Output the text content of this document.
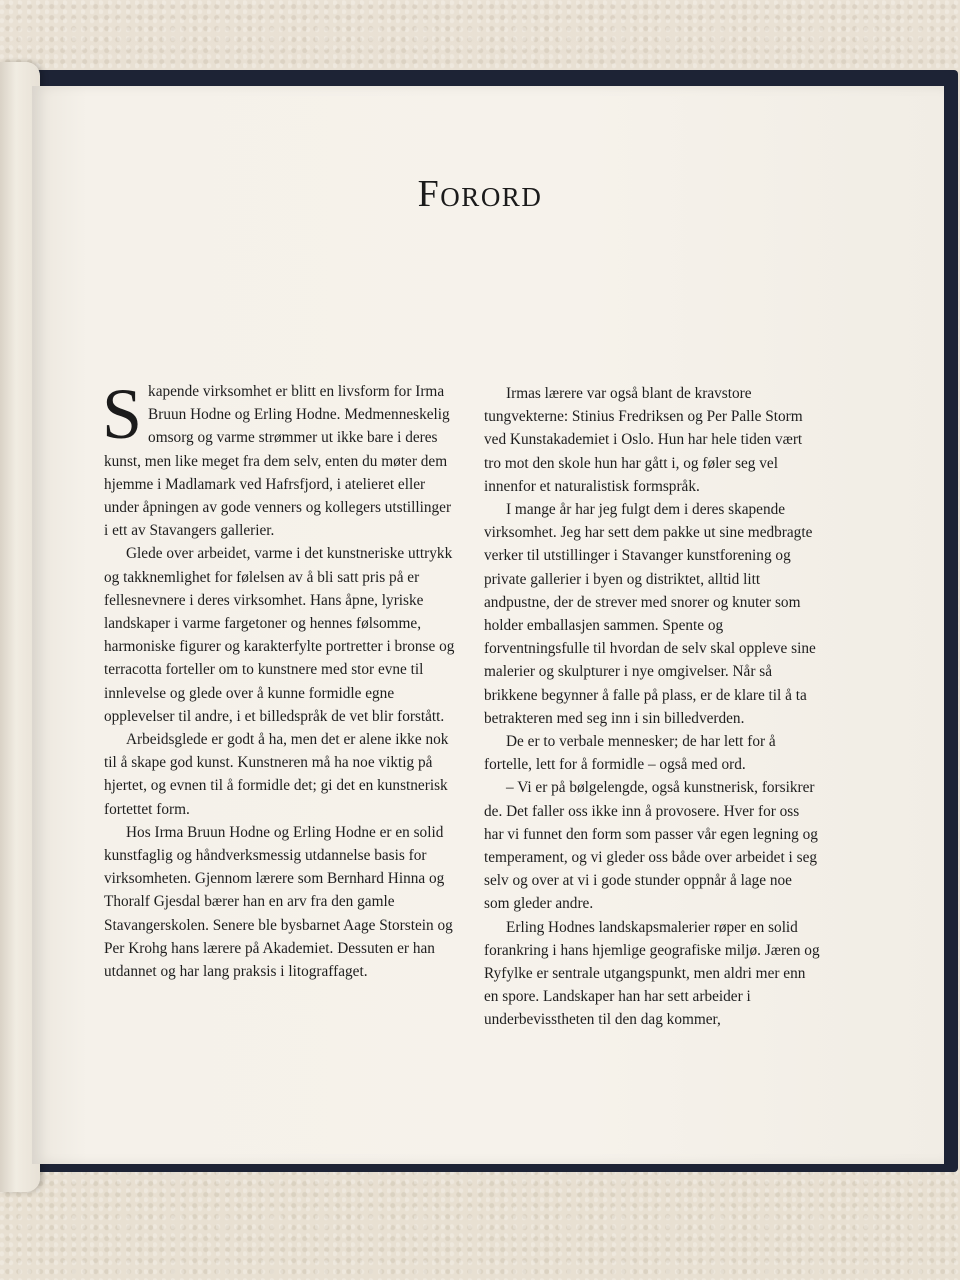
Forord

Skapende virksomhet er blitt en livsform for Irma Bruun Hodne og Erling Hodne. Medmenneskelig omsorg og varme strømmer ut ikke bare i deres kunst, men like meget fra dem selv, enten du møter dem hjemme i Madlamark ved Hafrsfjord, i atelieret eller under åpningen av gode venners og kollegers utstillinger i ett av Stavangers gallerier.

Glede over arbeidet, varme i det kunstneriske uttrykk og takknemlighet for følelsen av å bli satt pris på er fellesnevnere i deres virksomhet. Hans åpne, lyriske landskaper i varme fargetoner og hennes følsomme, harmoniske figurer og karakterfylte portretter i bronse og terracotta forteller om to kunstnere med stor evne til innlevelse og glede over å kunne formidle egne opplevelser til andre, i et billedspråk de vet blir forstått.

Arbeidsglede er godt å ha, men det er alene ikke nok til å skape god kunst. Kunstneren må ha noe viktig på hjertet, og evnen til å formidle det; gi det en kunstnerisk fortettet form.

Hos Irma Bruun Hodne og Erling Hodne er en solid kunstfaglig og håndverksmessig utdannelse basis for virksomheten. Gjennom lærere som Bernhard Hinna og Thoralf Gjesdal bærer han en arv fra den gamle Stavangerskolen. Senere ble bysbarnet Aage Storstein og Per Krohg hans lærere på Akademiet. Dessuten er han utdannet og har lang praksis i litograffaget.

Irmas lærere var også blant de kravstore tungvekterne: Stinius Fredriksen og Per Palle Storm ved Kunstakademiet i Oslo. Hun har hele tiden vært tro mot den skole hun har gått i, og føler seg vel innenfor et naturalistisk formspråk.

I mange år har jeg fulgt dem i deres skapende virksomhet. Jeg har sett dem pakke ut sine medbragte verker til utstillinger i Stavanger kunstforening og private gallerier i byen og distriktet, alltid litt andpustne, der de strever med snorer og knuter som holder emballasjen sammen. Spente og forventningsfulle til hvordan de selv skal oppleve sine malerier og skulpturer i nye omgivelser. Når så brikkene begynner å falle på plass, er de klare til å ta betrakteren med seg inn i sin billedverden.

De er to verbale mennesker; de har lett for å fortelle, lett for å formidle – også med ord.

– Vi er på bølgelengde, også kunstnerisk, forsikrer de. Det faller oss ikke inn å provosere. Hver for oss har vi funnet den form som passer vår egen legning og temperament, og vi gleder oss både over arbeidet i seg selv og over at vi i gode stunder oppnår å lage noe som gleder andre.

Erling Hodnes landskapsmalerier røper en solid forankring i hans hjemlige geografiske miljø. Jæren og Ryfylke er sentrale utgangspunkt, men aldri mer enn en spore. Landskaper han har sett arbeider i underbevisstheten til den dag kommer,
